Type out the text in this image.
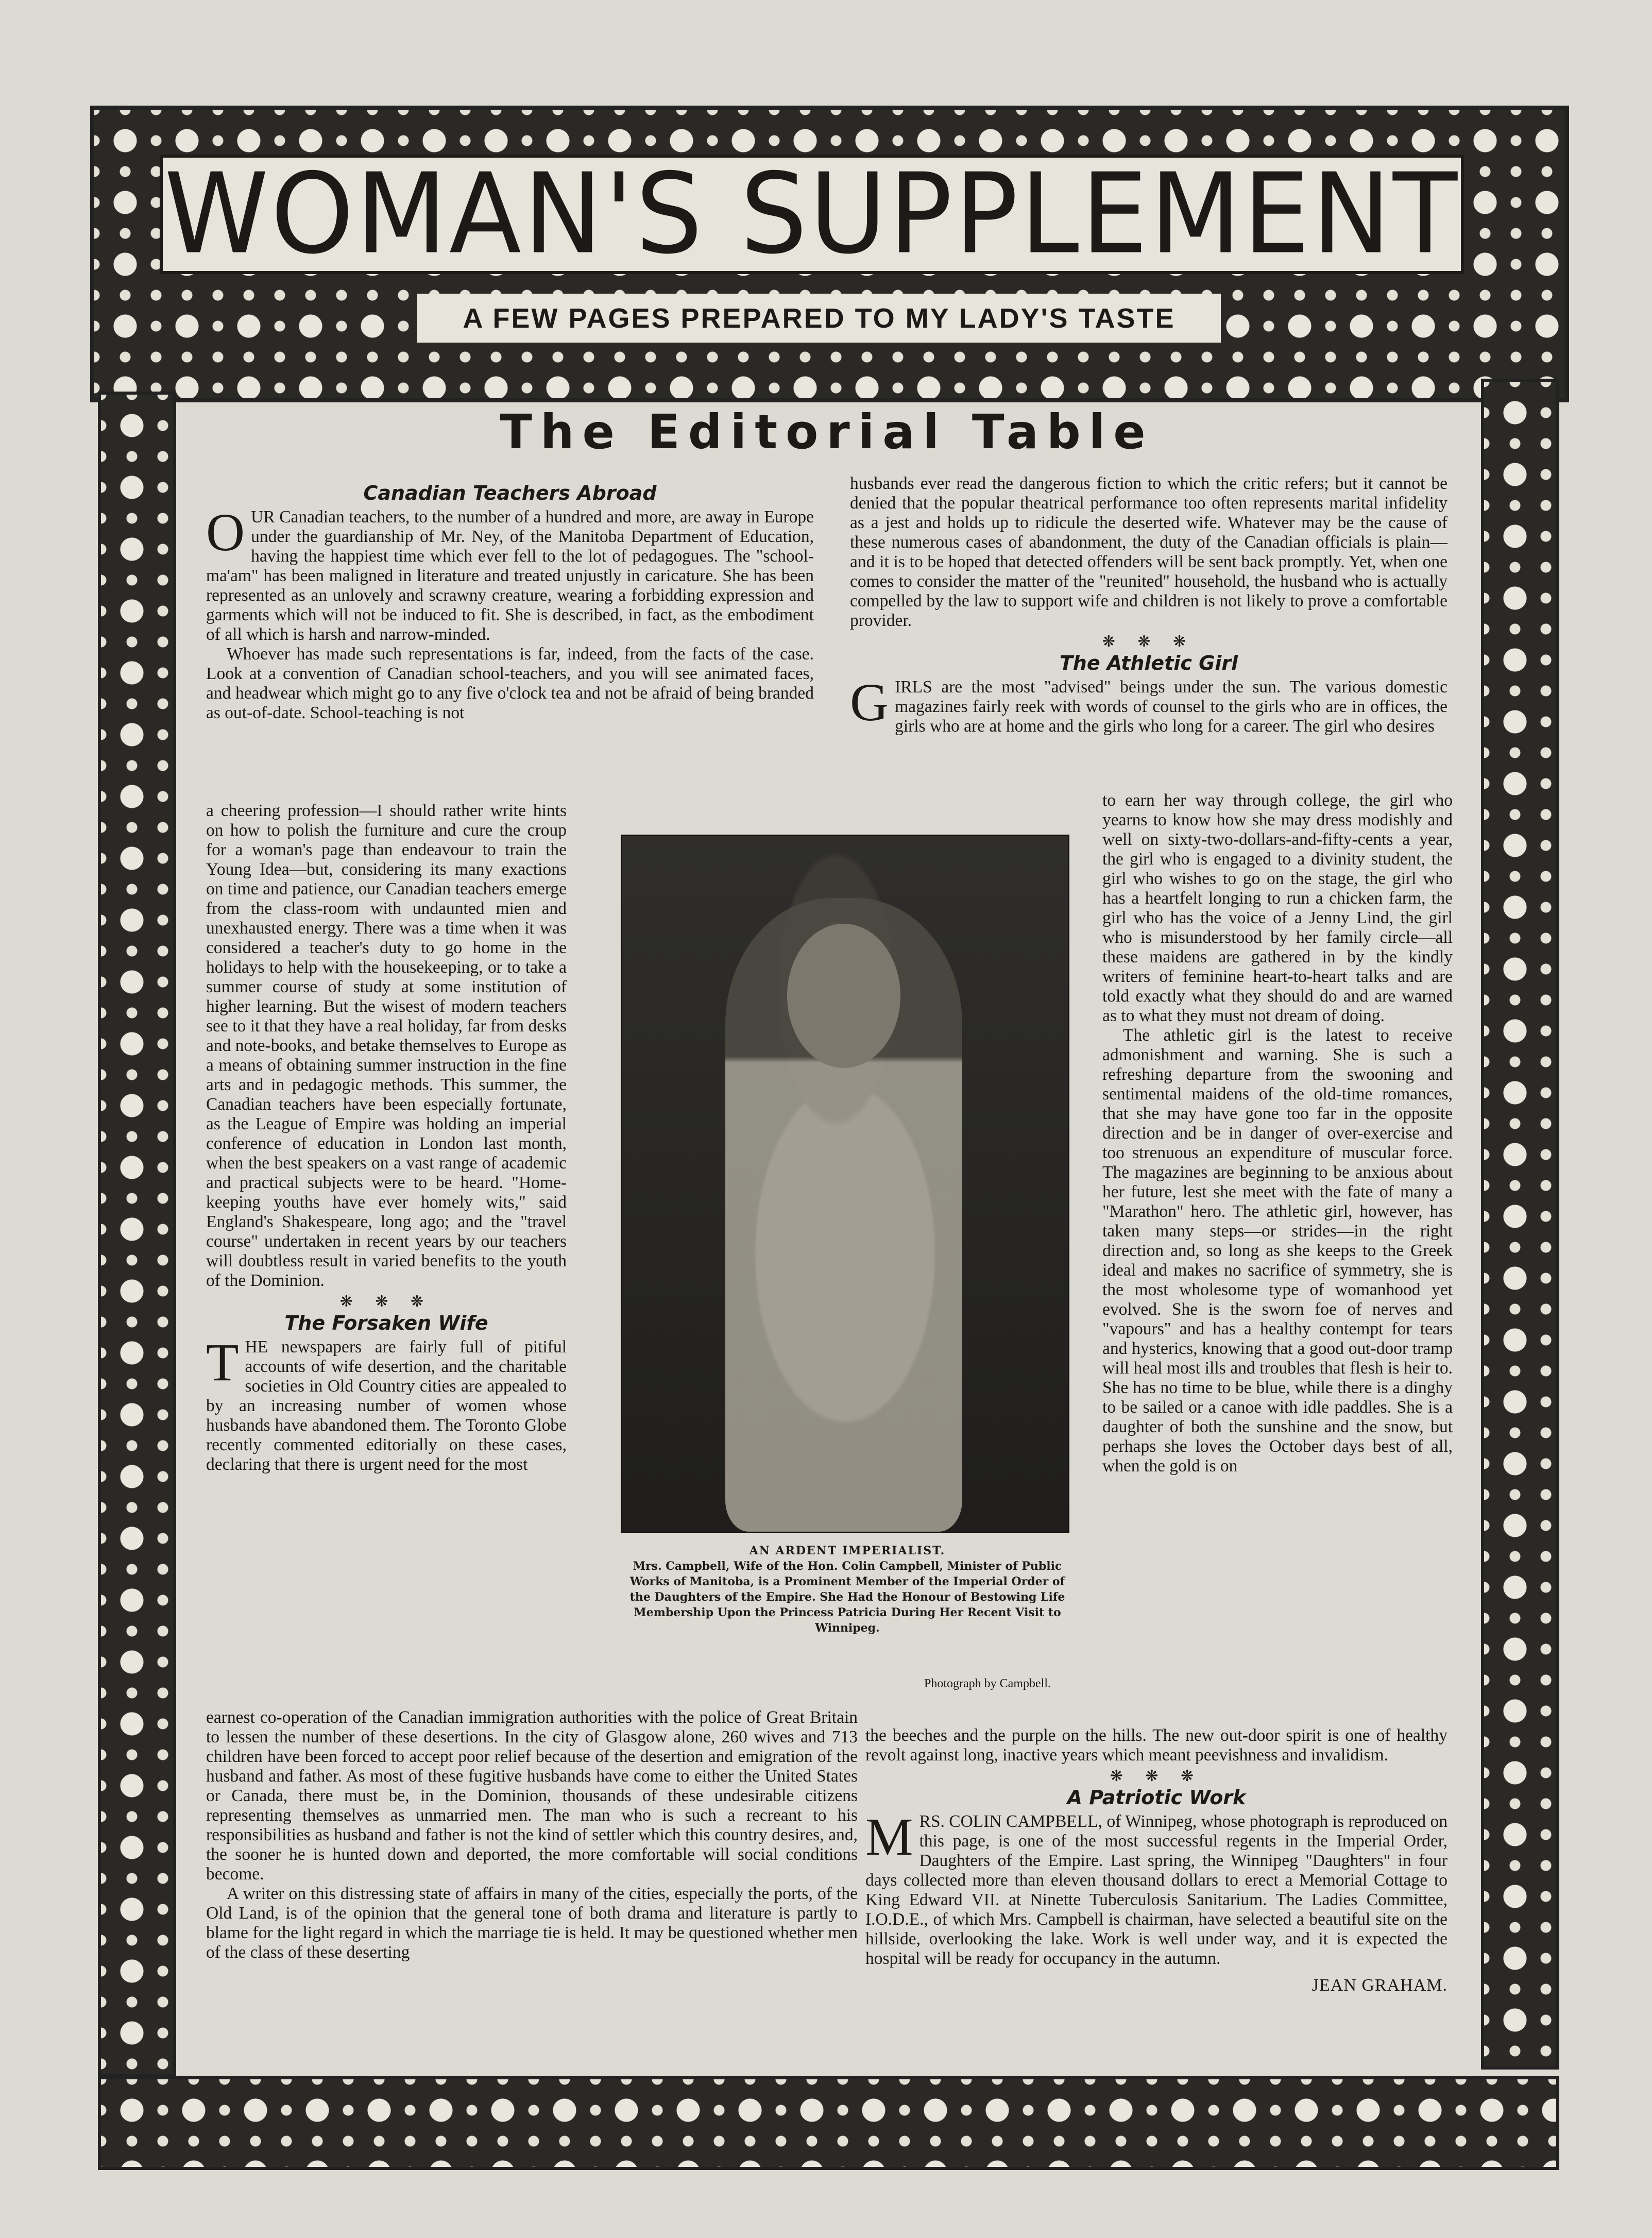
WOMAN'S SUPPLEMENT
A FEW PAGES PREPARED TO MY LADY'S TASTE
The Editorial Table
Canadian Teachers Abroad

OUR Canadian teachers, to the number of a hundred and more, are away in Europe under the guardianship of Mr. Ney, of the Manitoba Department of Education, having the happiest time which ever fell to the lot of pedagogues. The "school-ma'am" has been maligned in literature and treated unjustly in caricature. She has been represented as an unlovely and scrawny creature, wearing a forbidding expression and garments which will not be induced to fit. She is described, in fact, as the embodiment of all which is harsh and narrow-minded.

Whoever has made such representations is far, indeed, from the facts of the case. Look at a convention of Canadian school-teachers, and you will see animated faces, and headwear which might go to any five o'clock tea and not be afraid of being branded as out-of-date. School-teaching is not

a cheering profession—I should rather write hints on how to polish the furniture and cure the croup for a woman's page than endeavour to train the Young Idea—but, considering its many exactions on time and patience, our Canadian teachers emerge from the class-room with undaunted mien and unexhausted energy. There was a time when it was considered a teacher's duty to go home in the holidays to help with the housekeeping, or to take a summer course of study at some institution of higher learning. But the wisest of modern teachers see to it that they have a real holiday, far from desks and note-books, and betake themselves to Europe as a means of obtaining summer instruction in the fine arts and in pedagogic methods. This summer, the Canadian teachers have been especially fortunate, as the League of Empire was holding an imperial conference of education in London last month, when the best speakers on a vast range of academic and practical subjects were to be heard. "Home-keeping youths have ever homely wits," said England's Shakespeare, long ago; and the "travel course" undertaken in recent years by our teachers will doubtless result in varied benefits to the youth of the Dominion.

❋ ❋ ❋
The Forsaken Wife

THE newspapers are fairly full of pitiful accounts of wife desertion, and the charitable societies in Old Country cities are appealed to by an increasing number of women whose husbands have abandoned them. The Toronto Globe recently commented editorially on these cases, declaring that there is urgent need for the most

AN ARDENT IMPERIALIST.
Mrs. Campbell, Wife of the Hon. Colin Campbell, Minister of Public Works of Manitoba, is a Prominent Member of the Imperial Order of the Daughters of the Empire. She Had the Honour of Bestowing Life Membership Upon the Princess Patricia During Her Recent Visit to Winnipeg.
Photograph by Campbell.

husbands ever read the dangerous fiction to which the critic refers; but it cannot be denied that the popular theatrical performance too often represents marital infidelity as a jest and holds up to ridicule the deserted wife. Whatever may be the cause of these numerous cases of abandonment, the duty of the Canadian officials is plain—and it is to be hoped that detected offenders will be sent back promptly. Yet, when one comes to consider the matter of the "reunited" household, the husband who is actually compelled by the law to support wife and children is not likely to prove a comfortable provider.

❋ ❋ ❋
The Athletic Girl

GIRLS are the most "advised" beings under the sun. The various domestic magazines fairly reek with words of counsel to the girls who are in offices, the girls who are at home and the girls who long for a career. The girl who desires

to earn her way through college, the girl who yearns to know how she may dress modishly and well on sixty-two-dollars-and-fifty-cents a year, the girl who is engaged to a divinity student, the girl who wishes to go on the stage, the girl who has a heartfelt longing to run a chicken farm, the girl who has the voice of a Jenny Lind, the girl who is misunderstood by her family circle—all these maidens are gathered in by the kindly writers of feminine heart-to-heart talks and are told exactly what they should do and are warned as to what they must not dream of doing.

The athletic girl is the latest to receive admonishment and warning. She is such a refreshing departure from the swooning and sentimental maidens of the old-time romances, that she may have gone too far in the opposite direction and be in danger of over-exercise and too strenuous an expenditure of muscular force. The magazines are beginning to be anxious about her future, lest she meet with the fate of many a "Marathon" hero. The athletic girl, however, has taken many steps—or strides—in the right direction and, so long as she keeps to the Greek ideal and makes no sacrifice of symmetry, she is the most wholesome type of womanhood yet evolved. She is the sworn foe of nerves and "vapours" and has a healthy contempt for tears and hysterics, knowing that a good out-door tramp will heal most ills and troubles that flesh is heir to. She has no time to be blue, while there is a dinghy to be sailed or a canoe with idle paddles. She is a daughter of both the sunshine and the snow, but perhaps she loves the October days best of all, when the gold is on

earnest co-operation of the Canadian immigration authorities with the police of Great Britain to lessen the number of these desertions. In the city of Glasgow alone, 260 wives and 713 children have been forced to accept poor relief because of the desertion and emigration of the husband and father. As most of these fugitive husbands have come to either the United States or Canada, there must be, in the Dominion, thousands of these undesirable citizens representing themselves as unmarried men. The man who is such a recreant to his responsibilities as husband and father is not the kind of settler which this country desires, and, the sooner he is hunted down and deported, the more comfortable will social conditions become.

A writer on this distressing state of affairs in many of the cities, especially the ports, of the Old Land, is of the opinion that the general tone of both drama and literature is partly to blame for the light regard in which the marriage tie is held. It may be questioned whether men of the class of these deserting

the beeches and the purple on the hills. The new out-door spirit is one of healthy revolt against long, inactive years which meant peevishness and invalidism.

❋ ❋ ❋
A Patriotic Work

MRS. COLIN CAMPBELL, of Winnipeg, whose photograph is reproduced on this page, is one of the most successful regents in the Imperial Order, Daughters of the Empire. Last spring, the Winnipeg "Daughters" in four days collected more than eleven thousand dollars to erect a Memorial Cottage to King Edward VII. at Ninette Tuberculosis Sanitarium. The Ladies Committee, I.O.D.E., of which Mrs. Campbell is chairman, have selected a beautiful site on the hillside, overlooking the lake. Work is well under way, and it is expected the hospital will be ready for occupancy in the autumn.

JEAN GRAHAM.
